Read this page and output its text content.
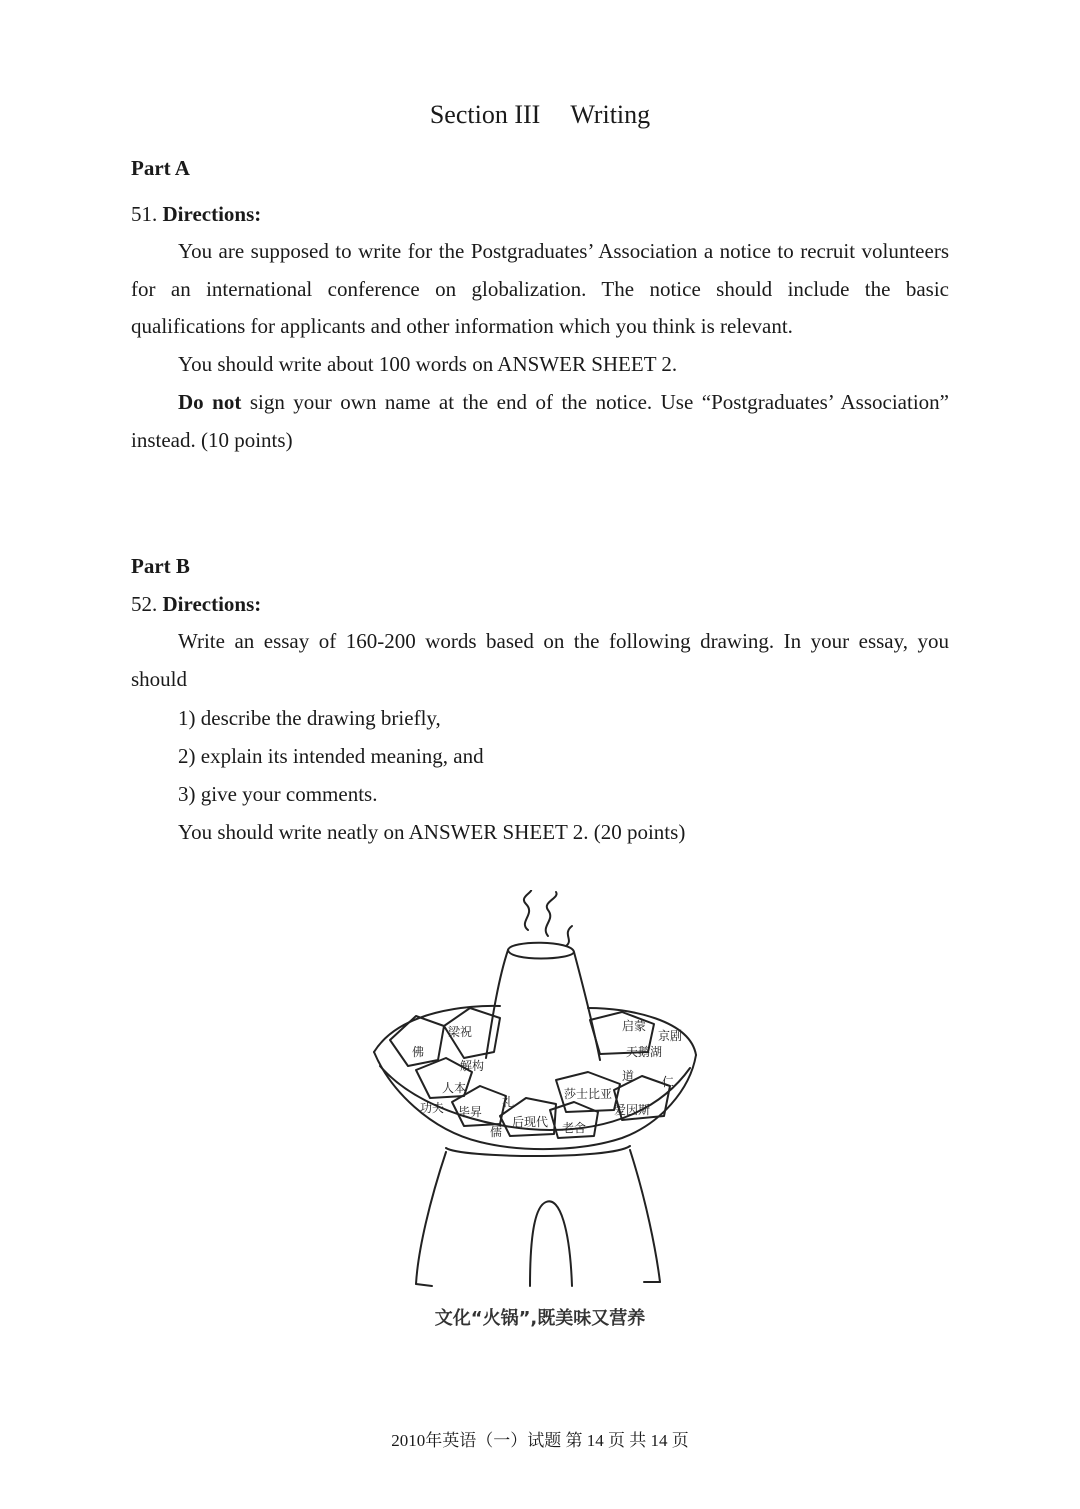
Section III Writing
Part A
51. Directions:

You are supposed to write for the Postgraduates’ Association a notice to recruit volunteers for an international conference on globalization. The notice should include the basic qualifications for applicants and other information which you think is relevant.

You should write about 100 words on ANSWER SHEET 2.

Do not sign your own name at the end of the notice. Use “Postgraduates’ Association” instead. (10 points)

Part B
52. Directions:

Write an essay of 160-200 words based on the following drawing. In your essay, you should

1) describe the drawing briefly,
2) explain its intended meaning, and
3) give your comments.
You should write neatly on ANSWER SHEET 2. (20 points)
梁祝
佛
解构
人本
功夫 毕昇
礼
儒
后现代
莎士比亚
老舍
爱因斯
启蒙
京剧
天鹅湖
道 仁
文化“火锅”,既美味又营养
2010年英语（一）试题 第 14 页 共 14 页
